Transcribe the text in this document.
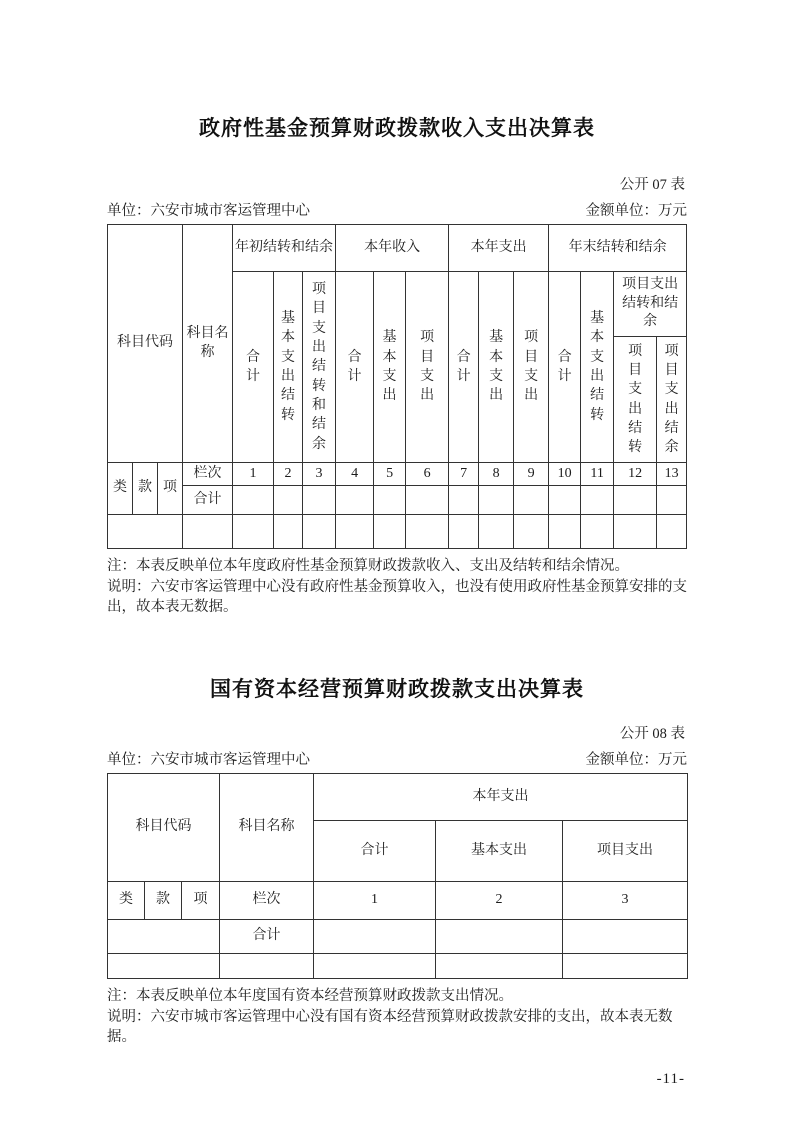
政府性基金预算财政拨款收入支出决算表
公开 07 表
单位：六安市城市客运管理中心	金额单位：万元
科目代码			科目名称	年初结转和结余			本年收入			本年支出			年末结转和结余			

				合计	基本支出结转	项目支出结转和结余	合计	基本支出	项目支出	合计	基本支出	项目支出	合计	基本支出结转	项目支出结转和结余	

															项目支出结转	项目支出结余

类	款	项	栏次	1	2	3	4	5	6	7	8	9	10	11	12	13
			合计													

注：本表反映单位本年度政府性基金预算财政拨款收入、支出及结转和结余情况。

说明：六安市客运管理中心没有政府性基金预算收入，也没有使用政府性基金预算安排的支出，故本表无数据。

国有资本经营预算财政拨款支出决算表
公开 08 表
单位：六安市城市客运管理中心	金额单位：万元
科目代码			科目名称	本年支出		
				合计	基本支出	项目支出
类	款	项	栏次	1	2	3
			合计			

注：本表反映单位本年度国有资本经营预算财政拨款支出情况。

说明：六安市城市客运管理中心没有国有资本经营预算财政拨款安排的支出，故本表无数据。

-11-
